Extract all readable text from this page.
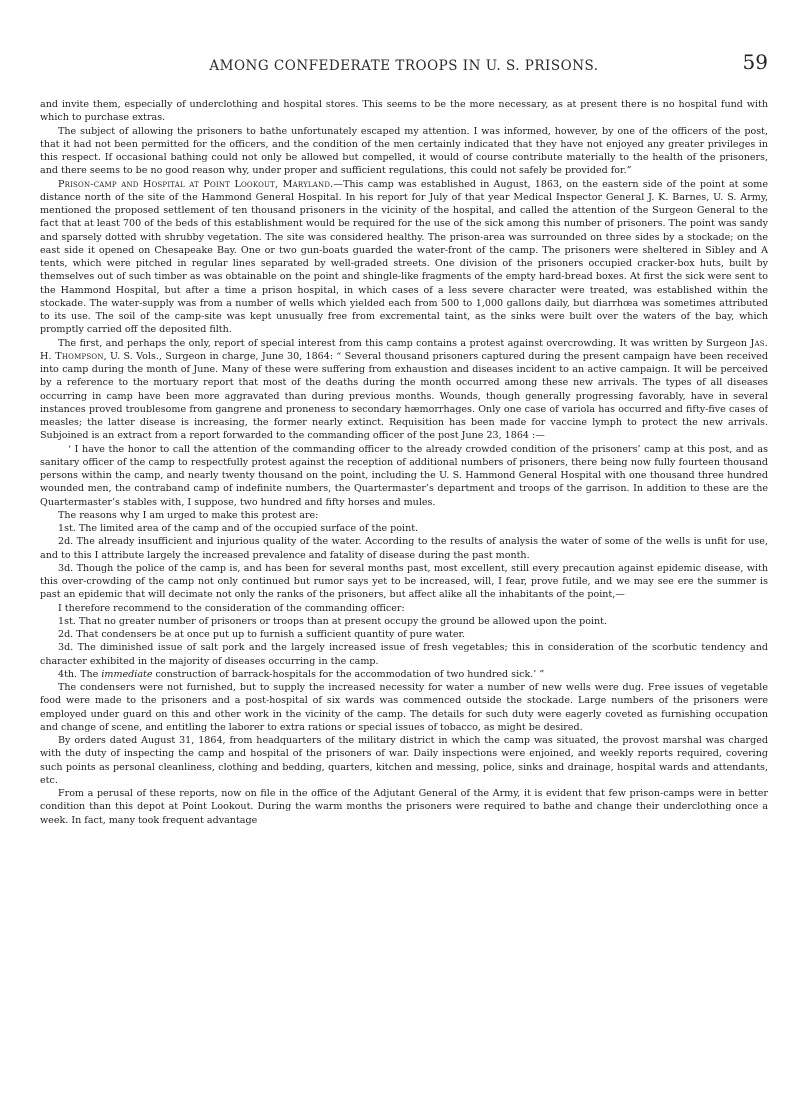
AMONG CONFEDERATE TROOPS IN U. S. PRISONS.	59

and invite them, especially of underclothing and hospital stores. This seems to be the more necessary, as at present there is no hospital fund with which to purchase extras.

The subject of allowing the prisoners to bathe unfortunately escaped my attention. I was informed, however, by one of the officers of the post, that it had not been permitted for the officers, and the condition of the men certainly indicated that they have not enjoyed any greater privileges in this respect. If occasional bathing could not only be allowed but compelled, it would of course contribute materially to the health of the prisoners, and there seems to be no good reason why, under proper and sufficient regulations, this could not safely be provided for.”

Prison-camp and Hospital at Point Lookout, Maryland.—This camp was established in August, 1863, on the eastern side of the point at some distance north of the site of the Hammond General Hospital. In his report for July of that year Medical Inspector General J. K. Barnes, U. S. Army, mentioned the proposed settlement of ten thousand prisoners in the vicinity of the hospital, and called the attention of the Surgeon General to the fact that at least 700 of the beds of this establishment would be required for the use of the sick among this number of prisoners. The point was sandy and sparsely dotted with shrubby vegetation. The site was considered healthy. The prison-area was surrounded on three sides by a stockade; on the east side it opened on Chesapeake Bay. One or two gun-boats guarded the water-front of the camp. The prisoners were sheltered in Sibley and A tents, which were pitched in regular lines separated by well-graded streets. One division of the prisoners occupied cracker-box huts, built by themselves out of such timber as was obtainable on the point and shingle-like fragments of the empty hard-bread boxes. At first the sick were sent to the Hammond Hospital, but after a time a prison hospital, in which cases of a less severe character were treated, was established within the stockade. The water-supply was from a number of wells which yielded each from 500 to 1,000 gallons daily, but diarrhœa was sometimes attributed to its use. The soil of the camp-site was kept unusually free from excremental taint, as the sinks were built over the waters of the bay, which promptly carried off the deposited filth.

The first, and perhaps the only, report of special interest from this camp contains a protest against overcrowding. It was written by Surgeon Jas. H. Thompson, U. S. Vols., Surgeon in charge, June 30, 1864: “ Several thousand prisoners captured during the present campaign have been received into camp during the month of June. Many of these were suffering from exhaustion and diseases incident to an active campaign. It will be perceived by a reference to the mortuary report that most of the deaths during the month occurred among these new arrivals. The types of all diseases occurring in camp have been more aggravated than during previous months. Wounds, though generally progressing favorably, have in several instances proved troublesome from gangrene and proneness to secondary hæmorrhages. Only one case of variola has occurred and fifty-five cases of measles; the latter disease is increasing, the former nearly extinct. Requisition has been made for vaccine lymph to protect the new arrivals. Subjoined is an extract from a report forwarded to the commanding officer of the post June 23, 1864 :—

‘ I have the honor to call the attention of the commanding officer to the already crowded condition of the prisoners’ camp at this post, and as sanitary officer of the camp to respectfully protest against the reception of additional numbers of prisoners, there being now fully fourteen thousand persons within the camp, and nearly twenty thousand on the point, including the U. S. Hammond General Hospital with one thousand three hundred wounded men, the contraband camp of indefinite numbers, the Quartermaster’s department and troops of the garrison. In addition to these are the Quartermaster’s stables with, I suppose, two hundred and fifty horses and mules.

The reasons why I am urged to make this protest are:

1st. The limited area of the camp and of the occupied surface of the point.

2d. The already insufficient and injurious quality of the water. According to the results of analysis the water of some of the wells is unfit for use, and to this I attribute largely the increased prevalence and fatality of disease during the past month.

3d. Though the police of the camp is, and has been for several months past, most excellent, still every precaution against epidemic disease, with this over-crowding of the camp not only continued but rumor says yet to be increased, will, I fear, prove futile, and we may see ere the summer is past an epidemic that will decimate not only the ranks of the prisoners, but affect alike all the inhabitants of the point,—

I therefore recommend to the consideration of the commanding officer:

1st. That no greater number of prisoners or troops than at present occupy the ground be allowed upon the point.

2d. That condensers be at once put up to furnish a sufficient quantity of pure water.

3d. The diminished issue of salt pork and the largely increased issue of fresh vegetables; this in consideration of the scorbutic tendency and character exhibited in the majority of diseases occurring in the camp.

4th. The immediate construction of barrack-hospitals for the accommodation of two hundred sick.’ ”

The condensers were not furnished, but to supply the increased necessity for water a number of new wells were dug. Free issues of vegetable food were made to the prisoners and a post-hospital of six wards was commenced outside the stockade. Large numbers of the prisoners were employed under guard on this and other work in the vicinity of the camp. The details for such duty were eagerly coveted as furnishing occupation and change of scene, and entitling the laborer to extra rations or special issues of tobacco, as might be desired.

By orders dated August 31, 1864, from headquarters of the military district in which the camp was situated, the provost marshal was charged with the duty of inspecting the camp and hospital of the prisoners of war. Daily inspections were enjoined, and weekly reports required, covering such points as personal cleanliness, clothing and bedding, quarters, kitchen and messing, police, sinks and drainage, hospital wards and attendants, etc.

From a perusal of these reports, now on file in the office of the Adjutant General of the Army, it is evident that few prison-camps were in better condition than this depot at Point Lookout. During the warm months the prisoners were required to bathe and change their underclothing once a week. In fact, many took frequent advantage
